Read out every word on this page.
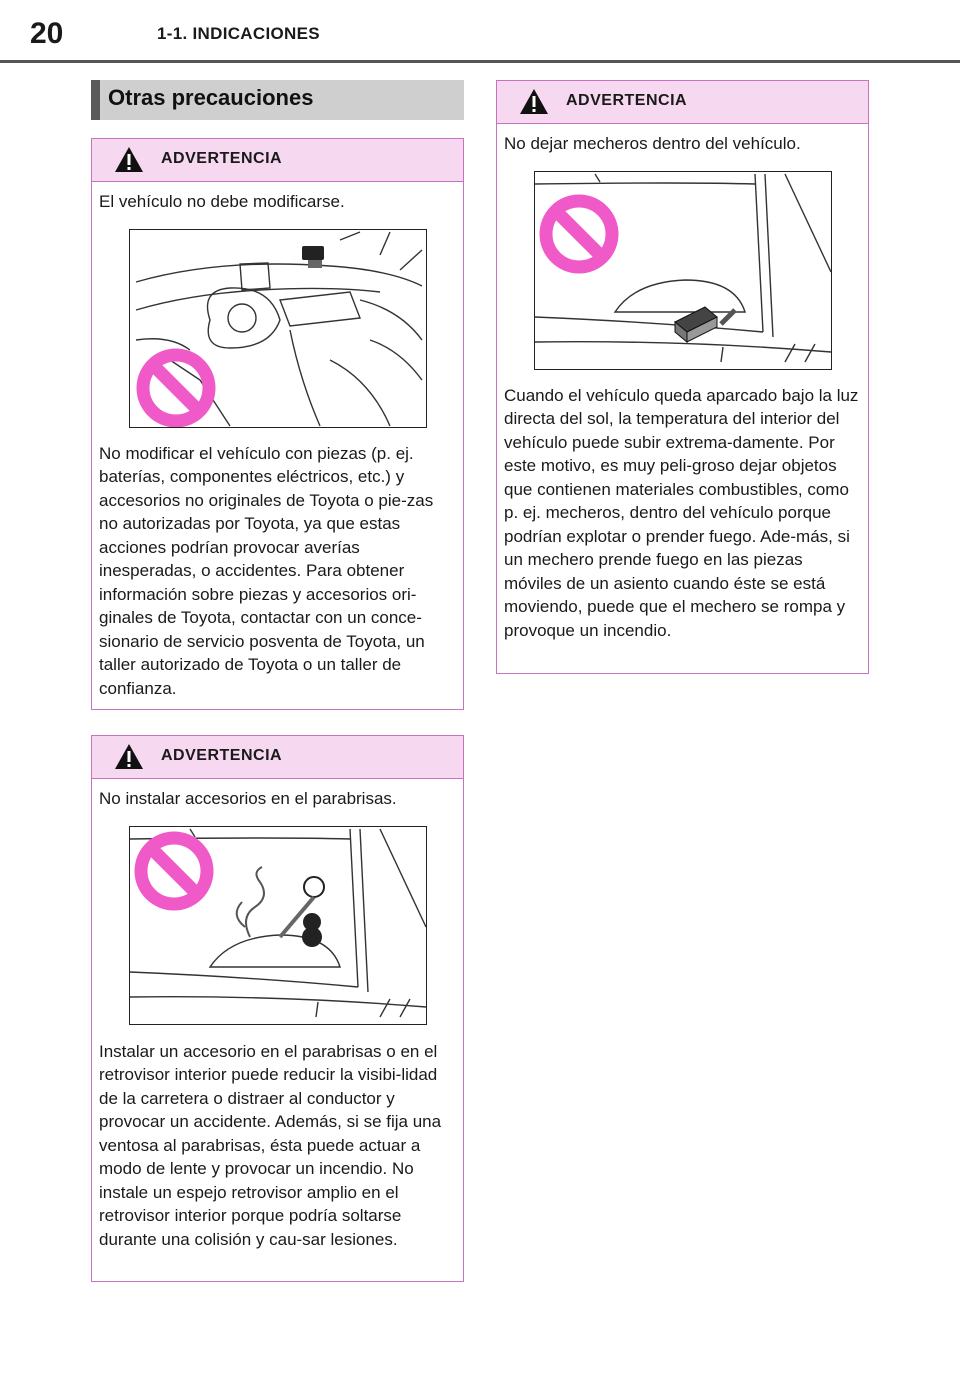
20	1-1. INDICACIONES
Otras precauciones
ADVERTENCIA

El vehículo no debe modificarse.

No modificar el vehículo con piezas (p. ej. baterías, componentes eléctricos, etc.) y accesorios no originales de Toyota o pie-zas no autorizadas por Toyota, ya que estas acciones podrían provocar averías inesperadas, o accidentes. Para obtener información sobre piezas y accesorios ori-ginales de Toyota, contactar con un conce-sionario de servicio posventa de Toyota, un taller autorizado de Toyota o un taller de confianza.

ADVERTENCIA

No instalar accesorios en el parabrisas.

Instalar un accesorio en el parabrisas o en el retrovisor interior puede reducir la visibi-lidad de la carretera o distraer al conductor y provocar un accidente. Además, si se fija una ventosa al parabrisas, ésta puede actuar a modo de lente y provocar un incendio. No instale un espejo retrovisor amplio en el retrovisor interior porque podría soltarse durante una colisión y cau-sar lesiones.

ADVERTENCIA

No dejar mecheros dentro del vehículo.

Cuando el vehículo queda aparcado bajo la luz directa del sol, la temperatura del interior del vehículo puede subir extrema-damente. Por este motivo, es muy peli-groso dejar objetos que contienen materiales combustibles, como p. ej. mecheros, dentro del vehículo porque podrían explotar o prender fuego. Ade-más, si un mechero prende fuego en las piezas móviles de un asiento cuando éste se está moviendo, puede que el mechero se rompa y provoque un incendio.
